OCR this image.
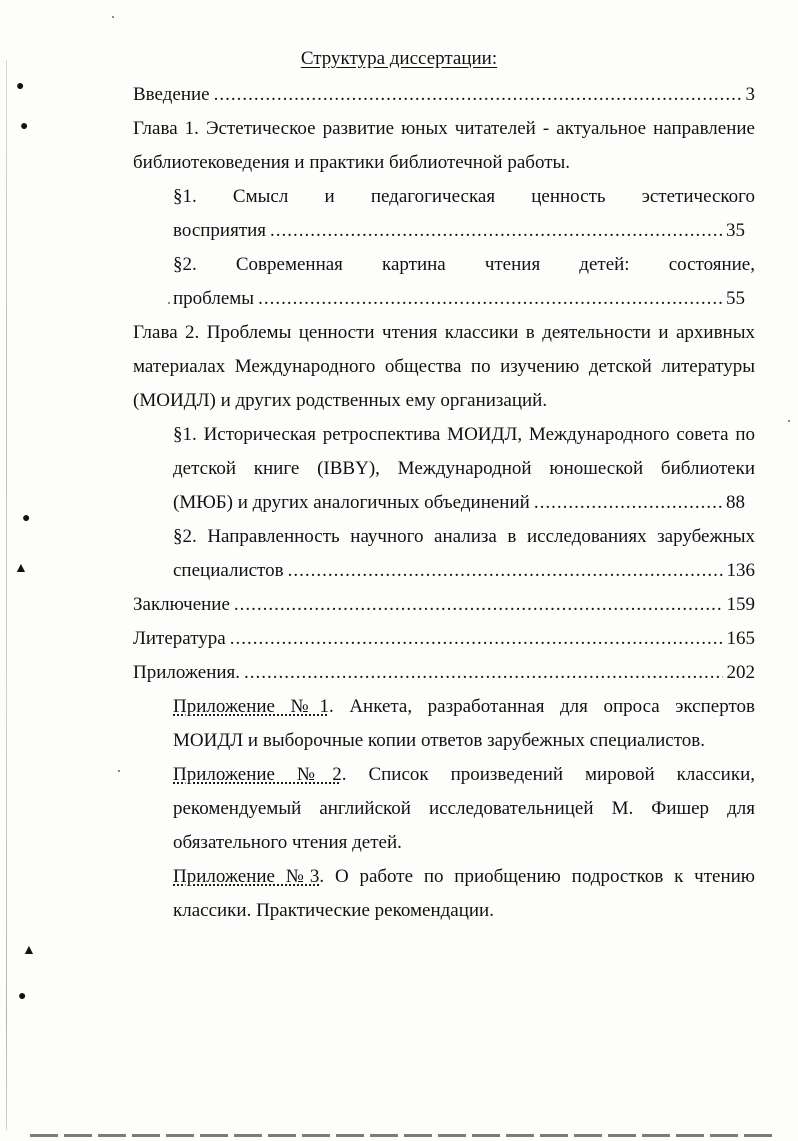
●
●
●
▲
▲
●
Структура диссертации:
Введение .....	3
Глава 1. Эстетическое развитие юных читателей - актуальное направление
библиотековедения и практики библиотечной работы.
§1. Смысл и педагогическая ценность эстетического
восприятия .....	35
§2. Современная картина чтения детей: состояние,
проблемы .....	55
Глава 2. Проблемы ценности чтения классики в деятельности и архивных
материалах Международного общества по изучению детской литературы
(МОИДЛ) и других родственных ему организаций.
§1. Историческая ретроспектива МОИДЛ, Международного совета по
детской книге (IBBY), Международной юношеской библиотеки
(МЮБ) и других аналогичных объединений .....	88
§2. Направленность научного анализа в исследованиях зарубежных
специалистов .....	136
Заключение .....	159
Литература .....	165
Приложения. .....	202
Приложение №1. Анкета, разработанная для опроса экспертов
МОИДЛ и выборочные копии ответов зарубежных специалистов.
Приложение №2. Список произведений мировой классики,
рекомендуемый английской исследовательницей М. Фишер для
обязательного чтения детей.
Приложение №3. О работе по приобщению подростков к чтению
классики. Практические рекомендации.
